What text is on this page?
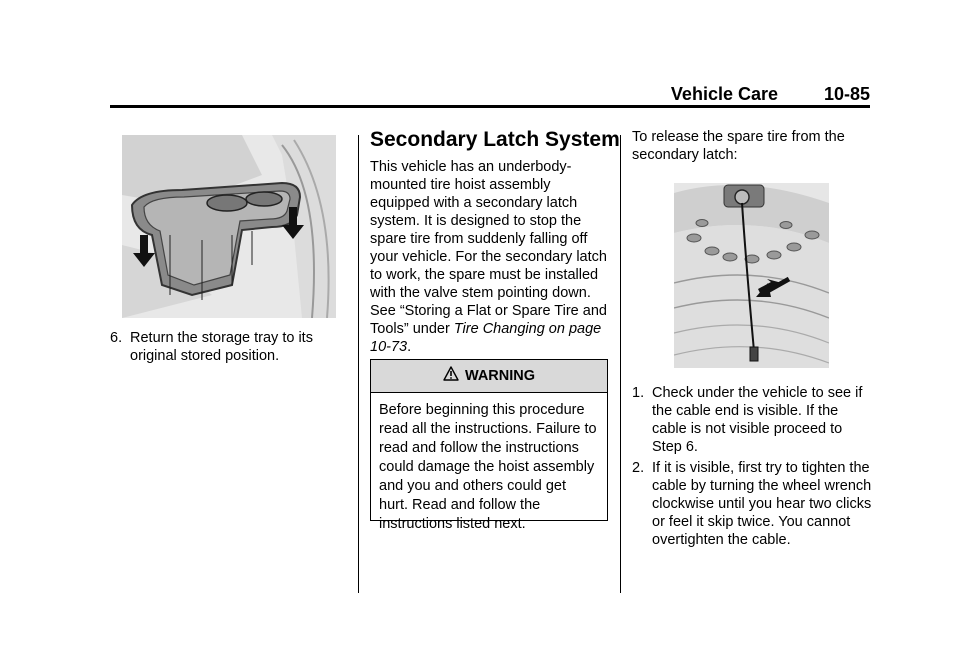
Vehicle Care	10-85
6. Return the storage tray to its original stored position.
Secondary Latch System
This vehicle has an underbody-mounted tire hoist assembly equipped with a secondary latch system. It is designed to stop the spare tire from suddenly falling off your vehicle. For the secondary latch to work, the spare must be installed with the valve stem pointing down. See “Storing a Flat or Spare Tire and Tools” under Tire Changing on page 10-73.
WARNING
Before beginning this procedure read all the instructions. Failure to read and follow the instructions could damage the hoist assembly and you and others could get hurt. Read and follow the instructions listed next.
To release the spare tire from the secondary latch:
1. Check under the vehicle to see if the cable end is visible. If the cable is not visible proceed to Step 6.
2. If it is visible, first try to tighten the cable by turning the wheel wrench clockwise until you hear two clicks or feel it skip twice. You cannot overtighten the cable.
